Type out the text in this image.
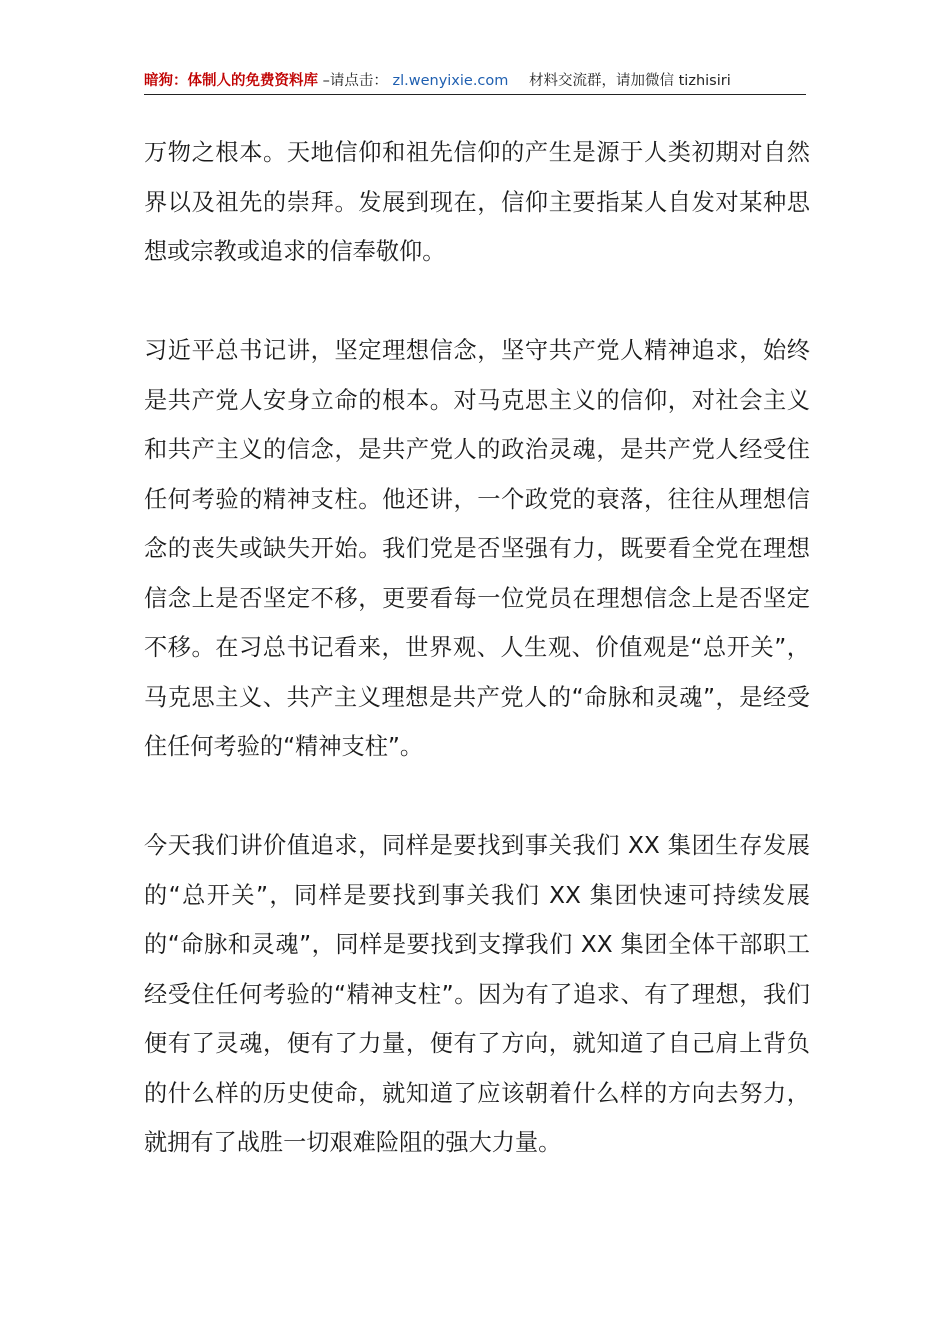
暗狗：体制人的免费资料库 –请点击： zl.wenyixie.com 材料交流群，请加微信 tizhisiri

万物之根本。天地信仰和祖先信仰的产生是源于人类初期对自然界以及祖先的崇拜。发展到现在，信仰主要指某人自发对某种思想或宗教或追求的信奉敬仰。

习近平总书记讲，坚定理想信念，坚守共产党人精神追求，始终是共产党人安身立命的根本。对马克思主义的信仰，对社会主义和共产主义的信念，是共产党人的政治灵魂，是共产党人经受住任何考验的精神支柱。他还讲，一个政党的衰落，往往从理想信念的丧失或缺失开始。我们党是否坚强有力，既要看全党在理想信念上是否坚定不移，更要看每一位党员在理想信念上是否坚定不移。在习总书记看来，世界观、人生观、价值观是“总开关”，马克思主义、共产主义理想是共产党人的“命脉和灵魂”，是经受住任何考验的“精神支柱”。

今天我们讲价值追求，同样是要找到事关我们 XX 集团生存发展的“总开关”，同样是要找到事关我们 XX 集团快速可持续发展的“命脉和灵魂”，同样是要找到支撑我们 XX 集团全体干部职工经受住任何考验的“精神支柱”。因为有了追求、有了理想，我们便有了灵魂，便有了力量，便有了方向，就知道了自己肩上背负的什么样的历史使命，就知道了应该朝着什么样的方向去努力，就拥有了战胜一切艰难险阻的强大力量。
